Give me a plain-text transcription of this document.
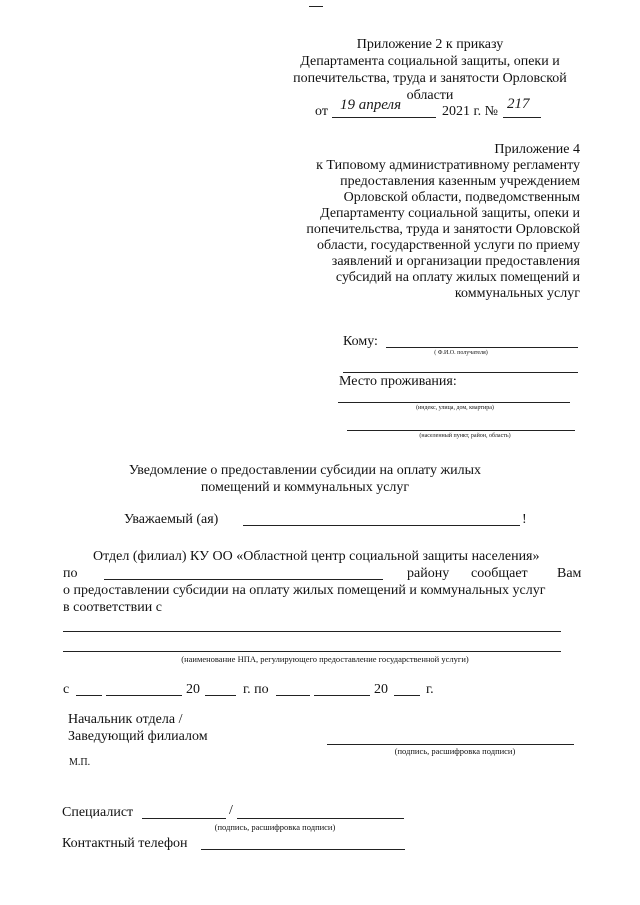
Приложение 2 к приказу
Департамента социальной защиты, опеки и
попечительства, труда и занятости Орловской
области
от 19 апреля	2021 г. № 217
Приложение 4
к Типовому административному регламенту
предоставления казенным учреждением
Орловской области, подведомственным
Департаменту социальной защиты, опеки и
попечительства, труда и занятости Орловской
области, государственной услуги по приему
заявлений и организации предоставления
субсидий на оплату жилых помещений и
коммунальных услуг
Кому:
( Ф.И.О. получателя)
Место проживания:
(индекс, улица, дом, квартира)
(населенный пункт, район, область)
Уведомление о предоставлении субсидии на оплату жилых
помещений и коммунальных услуг
Уважаемый (ая)	!
Отдел (филиал) КУ ОО «Областной центр социальной защиты населения»
по	району сообщает Вам
о предоставлении субсидии на оплату жилых помещений и коммунальных услуг
в соответствии с
(наименование НПА, регулирующего предоставление государственной услуги)
с	20	г. по	20	г.
Начальник отдела /
Заведующий филиалом
(подпись, расшифровка подписи)
М.П.
Специалист	/
(подпись, расшифровка подписи)
Контактный телефон
